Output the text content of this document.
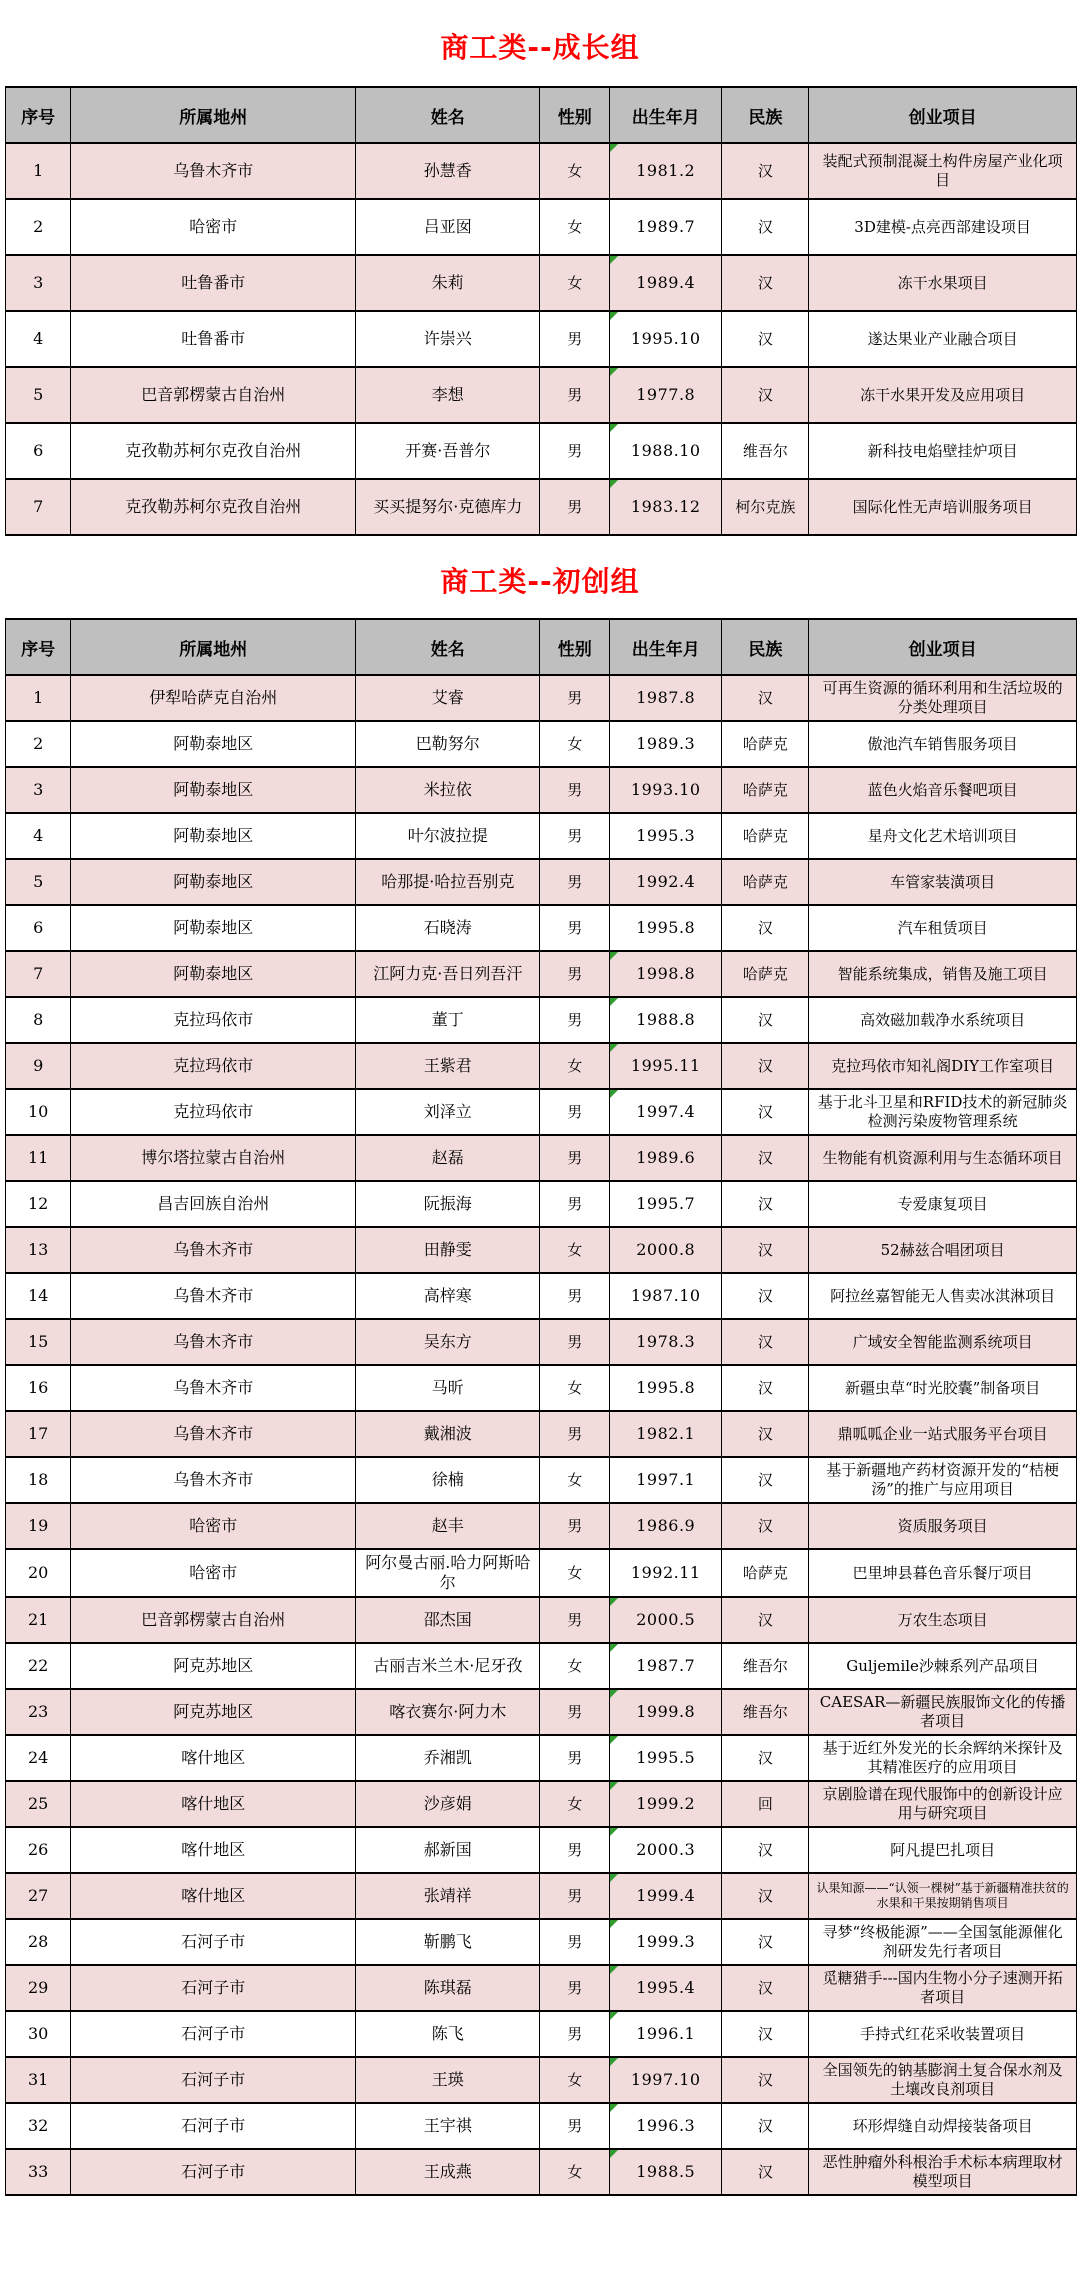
商工类--成长组
序号	所属地州	姓名	性别	出生年月	民族	创业项目
1	乌鲁木齐市	孙慧香	女	1981.2	汉	装配式预制混凝土构件房屋产业化项目
2	哈密市	吕亚囡	女	1989.7	汉	3D建模-点亮西部建设项目
3	吐鲁番市	朱莉	女	1989.4	汉	冻干水果项目
4	吐鲁番市	许崇兴	男	1995.10	汉	遂达果业产业融合项目
5	巴音郭楞蒙古自治州	李想	男	1977.8	汉	冻干水果开发及应用项目
6	克孜勒苏柯尔克孜自治州	开赛·吾普尔	男	1988.10	维吾尔	新科技电焰壁挂炉项目
7	克孜勒苏柯尔克孜自治州	买买提努尔·克德库力	男	1983.12	柯尔克族	国际化性无声培训服务项目
商工类--初创组
序号	所属地州	姓名	性别	出生年月	民族	创业项目
1	伊犁哈萨克自治州	艾睿	男	1987.8	汉	可再生资源的循环利用和生活垃圾的分类处理项目
2	阿勒泰地区	巴勒努尔	女	1989.3	哈萨克	傲池汽车销售服务项目
3	阿勒泰地区	米拉依	男	1993.10	哈萨克	蓝色火焰音乐餐吧项目
4	阿勒泰地区	叶尔波拉提	男	1995.3	哈萨克	星舟文化艺术培训项目
5	阿勒泰地区	哈那提·哈拉吾别克	男	1992.4	哈萨克	车管家装潢项目
6	阿勒泰地区	石晓涛	男	1995.8	汉	汽车租赁项目
7	阿勒泰地区	江阿力克·吾日列吾汗	男	1998.8	哈萨克	智能系统集成，销售及施工项目
8	克拉玛依市	董丁	男	1988.8	汉	高效磁加载净水系统项目
9	克拉玛依市	王紫君	女	1995.11	汉	克拉玛依市知礼阁DIY工作室项目
10	克拉玛依市	刘泽立	男	1997.4	汉	基于北斗卫星和RFID技术的新冠肺炎检测污染废物管理系统
11	博尔塔拉蒙古自治州	赵磊	男	1989.6	汉	生物能有机资源利用与生态循环项目
12	昌吉回族自治州	阮振海	男	1995.7	汉	专爱康复项目
13	乌鲁木齐市	田静雯	女	2000.8	汉	52赫兹合唱团项目
14	乌鲁木齐市	高梓寒	男	1987.10	汉	阿拉丝嘉智能无人售卖冰淇淋项目
15	乌鲁木齐市	吴东方	男	1978.3	汉	广域安全智能监测系统项目
16	乌鲁木齐市	马昕	女	1995.8	汉	新疆虫草“时光胶囊”制备项目
17	乌鲁木齐市	戴湘波	男	1982.1	汉	鼎呱呱企业一站式服务平台项目
18	乌鲁木齐市	徐楠	女	1997.1	汉	基于新疆地产药材资源开发的“桔梗汤”的推广与应用项目
19	哈密市	赵丰	男	1986.9	汉	资质服务项目
20	哈密市	阿尔曼古丽.哈力阿斯哈尔	女	1992.11	哈萨克	巴里坤县暮色音乐餐厅项目
21	巴音郭楞蒙古自治州	邵杰国	男	2000.5	汉	万农生态项目
22	阿克苏地区	古丽吉米兰木·尼牙孜	女	1987.7	维吾尔	Guljemile沙棘系列产品项目
23	阿克苏地区	喀衣赛尔·阿力木	男	1999.8	维吾尔	CAESAR—新疆民族服饰文化的传播者项目
24	喀什地区	乔湘凯	男	1995.5	汉	基于近红外发光的长余辉纳米探针及其精准医疗的应用项目
25	喀什地区	沙彦娟	女	1999.2	回	京剧脸谱在现代服饰中的创新设计应用与研究项目
26	喀什地区	郝新国	男	2000.3	汉	阿凡提巴扎项目
27	喀什地区	张靖祥	男	1999.4	汉	认果知源——“认领一棵树”基于新疆精准扶贫的水果和干果按期销售项目
28	石河子市	靳鹏飞	男	1999.3	汉	寻梦“终极能源”——全国氢能源催化剂研发先行者项目
29	石河子市	陈琪磊	男	1995.4	汉	觅糖猎手---国内生物小分子速测开拓者项目
30	石河子市	陈飞	男	1996.1	汉	手持式红花采收装置项目
31	石河子市	王瑛	女	1997.10	汉	全国领先的钠基膨润土复合保水剂及土壤改良剂项目
32	石河子市	王宇祺	男	1996.3	汉	环形焊缝自动焊接装备项目
33	石河子市	王成燕	女	1988.5	汉	恶性肿瘤外科根治手术标本病理取材模型项目
